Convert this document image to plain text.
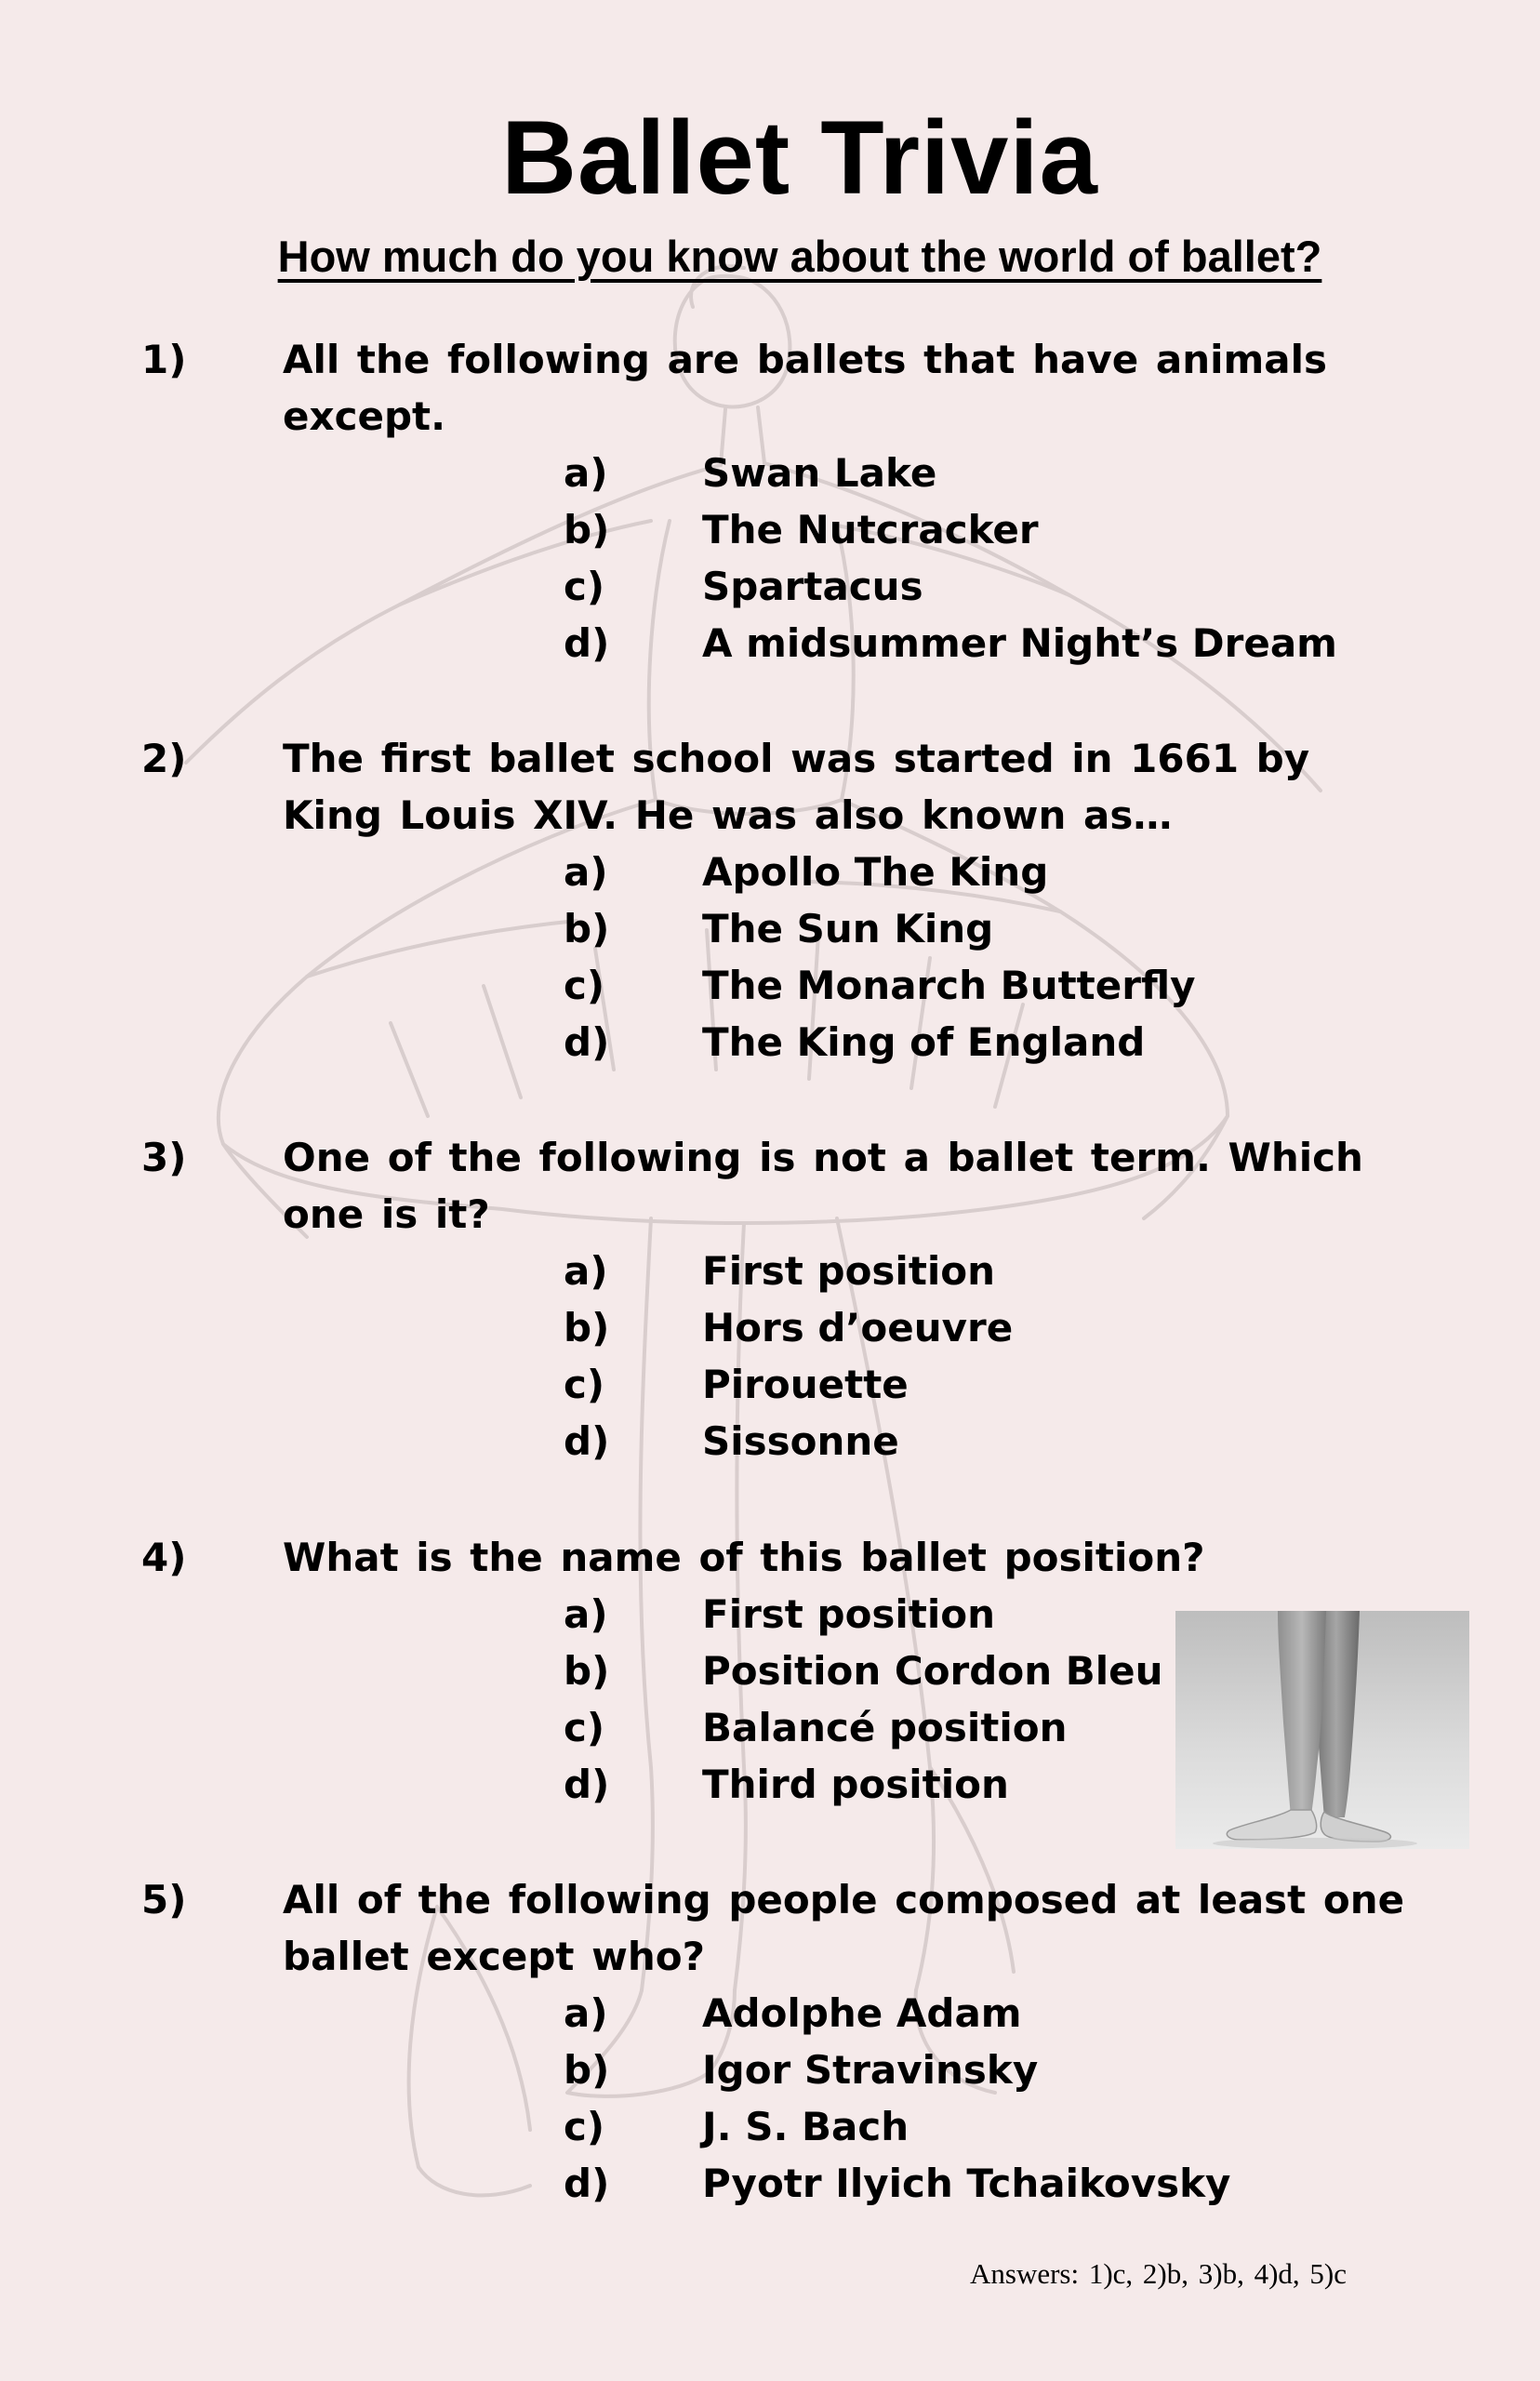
Ballet Trivia
How much do you know about the world of ballet?
1) All the following are ballets that have animals except.
a) Swan Lake
b) The Nutcracker
c) Spartacus
d) A midsummer Night’s Dream
2) The first ballet school was started in 1661 by King Louis XIV. He was also known as…
a) Apollo The King
b) The Sun King
c) The Monarch Butterfly
d) The King of England
3) One of the following is not a ballet term. Which one is it?
a) First position
b) Hors d’oeuvre
c) Pirouette
d) Sissonne
4) What is the name of this ballet position?
a) First position
b) Position Cordon Bleu
c) Balancé position
d) Third position
5) All of the following people composed at least one ballet except who?
a) Adolphe Adam
b) Igor Stravinsky
c) J. S. Bach
d) Pyotr Ilyich Tchaikovsky
Answers: 1)c, 2)b, 3)b, 4)d, 5)c
